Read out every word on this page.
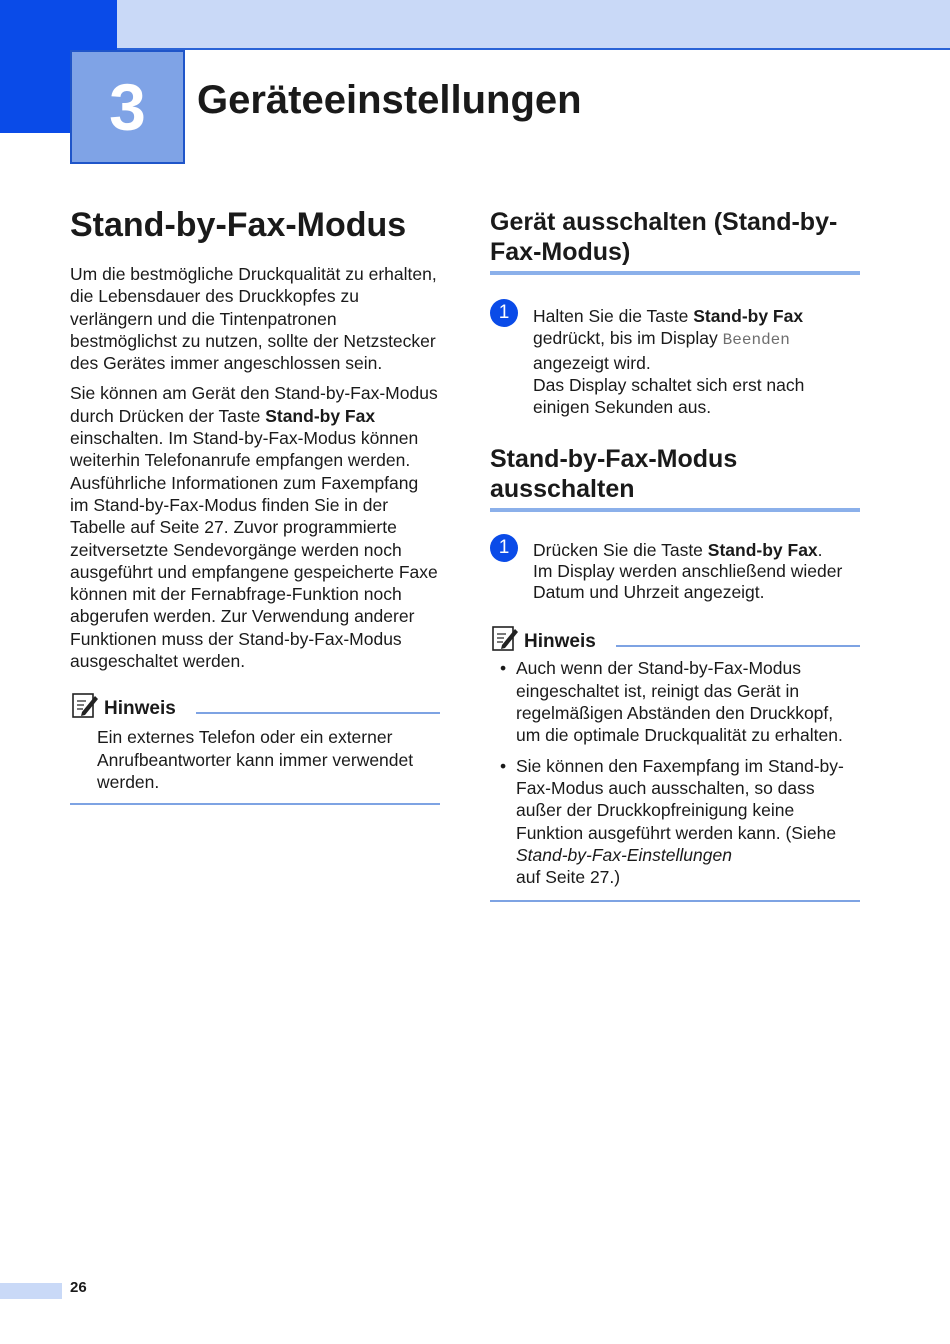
3 Geräteeinstellungen
Stand-by-Fax-Modus

Um die bestmögliche Druckqualität zu erhalten, die Lebensdauer des Druckkopfes zu verlängern und die Tintenpatronen bestmöglichst zu nutzen, sollte der Netzstecker des Gerätes immer angeschlossen sein.

Sie können am Gerät den Stand-by-Fax-Modus durch Drücken der Taste Stand-by Fax einschalten. Im Stand-by-Fax-Modus können weiterhin Telefonanrufe empfangen werden. Ausführliche Informationen zum Faxempfang im Stand-by-Fax-Modus finden Sie in der Tabelle auf Seite 27. Zuvor programmierte zeitversetzte Sendevorgänge werden noch ausgeführt und empfangene gespeicherte Faxe können mit der Fernabfrage-Funktion noch abgerufen werden. Zur Verwendung anderer Funktionen muss der Stand-by-Fax-Modus ausgeschaltet werden.

Hinweis

Ein externes Telefon oder ein externer Anrufbeantworter kann immer verwendet werden.

Gerät ausschalten (Stand-by-Fax-Modus)
1	Halten Sie die Taste Stand-by Fax gedrückt, bis im Display Beenden angezeigt wird.

Das Display schaltet sich erst nach einigen Sekunden aus.

Stand-by-Fax-Modus ausschalten
1	Drücken Sie die Taste Stand-by Fax.

Im Display werden anschließend wieder Datum und Uhrzeit angezeigt.

Hinweis
• Auch wenn der Stand-by-Fax-Modus eingeschaltet ist, reinigt das Gerät in regelmäßigen Abständen den Druckkopf, um die optimale Druckqualität zu erhalten.
• Sie können den Faxempfang im Stand-by-Fax-Modus auch ausschalten, so dass außer der Druckkopfreinigung keine Funktion ausgeführt werden kann. (Siehe Stand-by-Fax-Einstellungen
auf Seite 27.)
26
